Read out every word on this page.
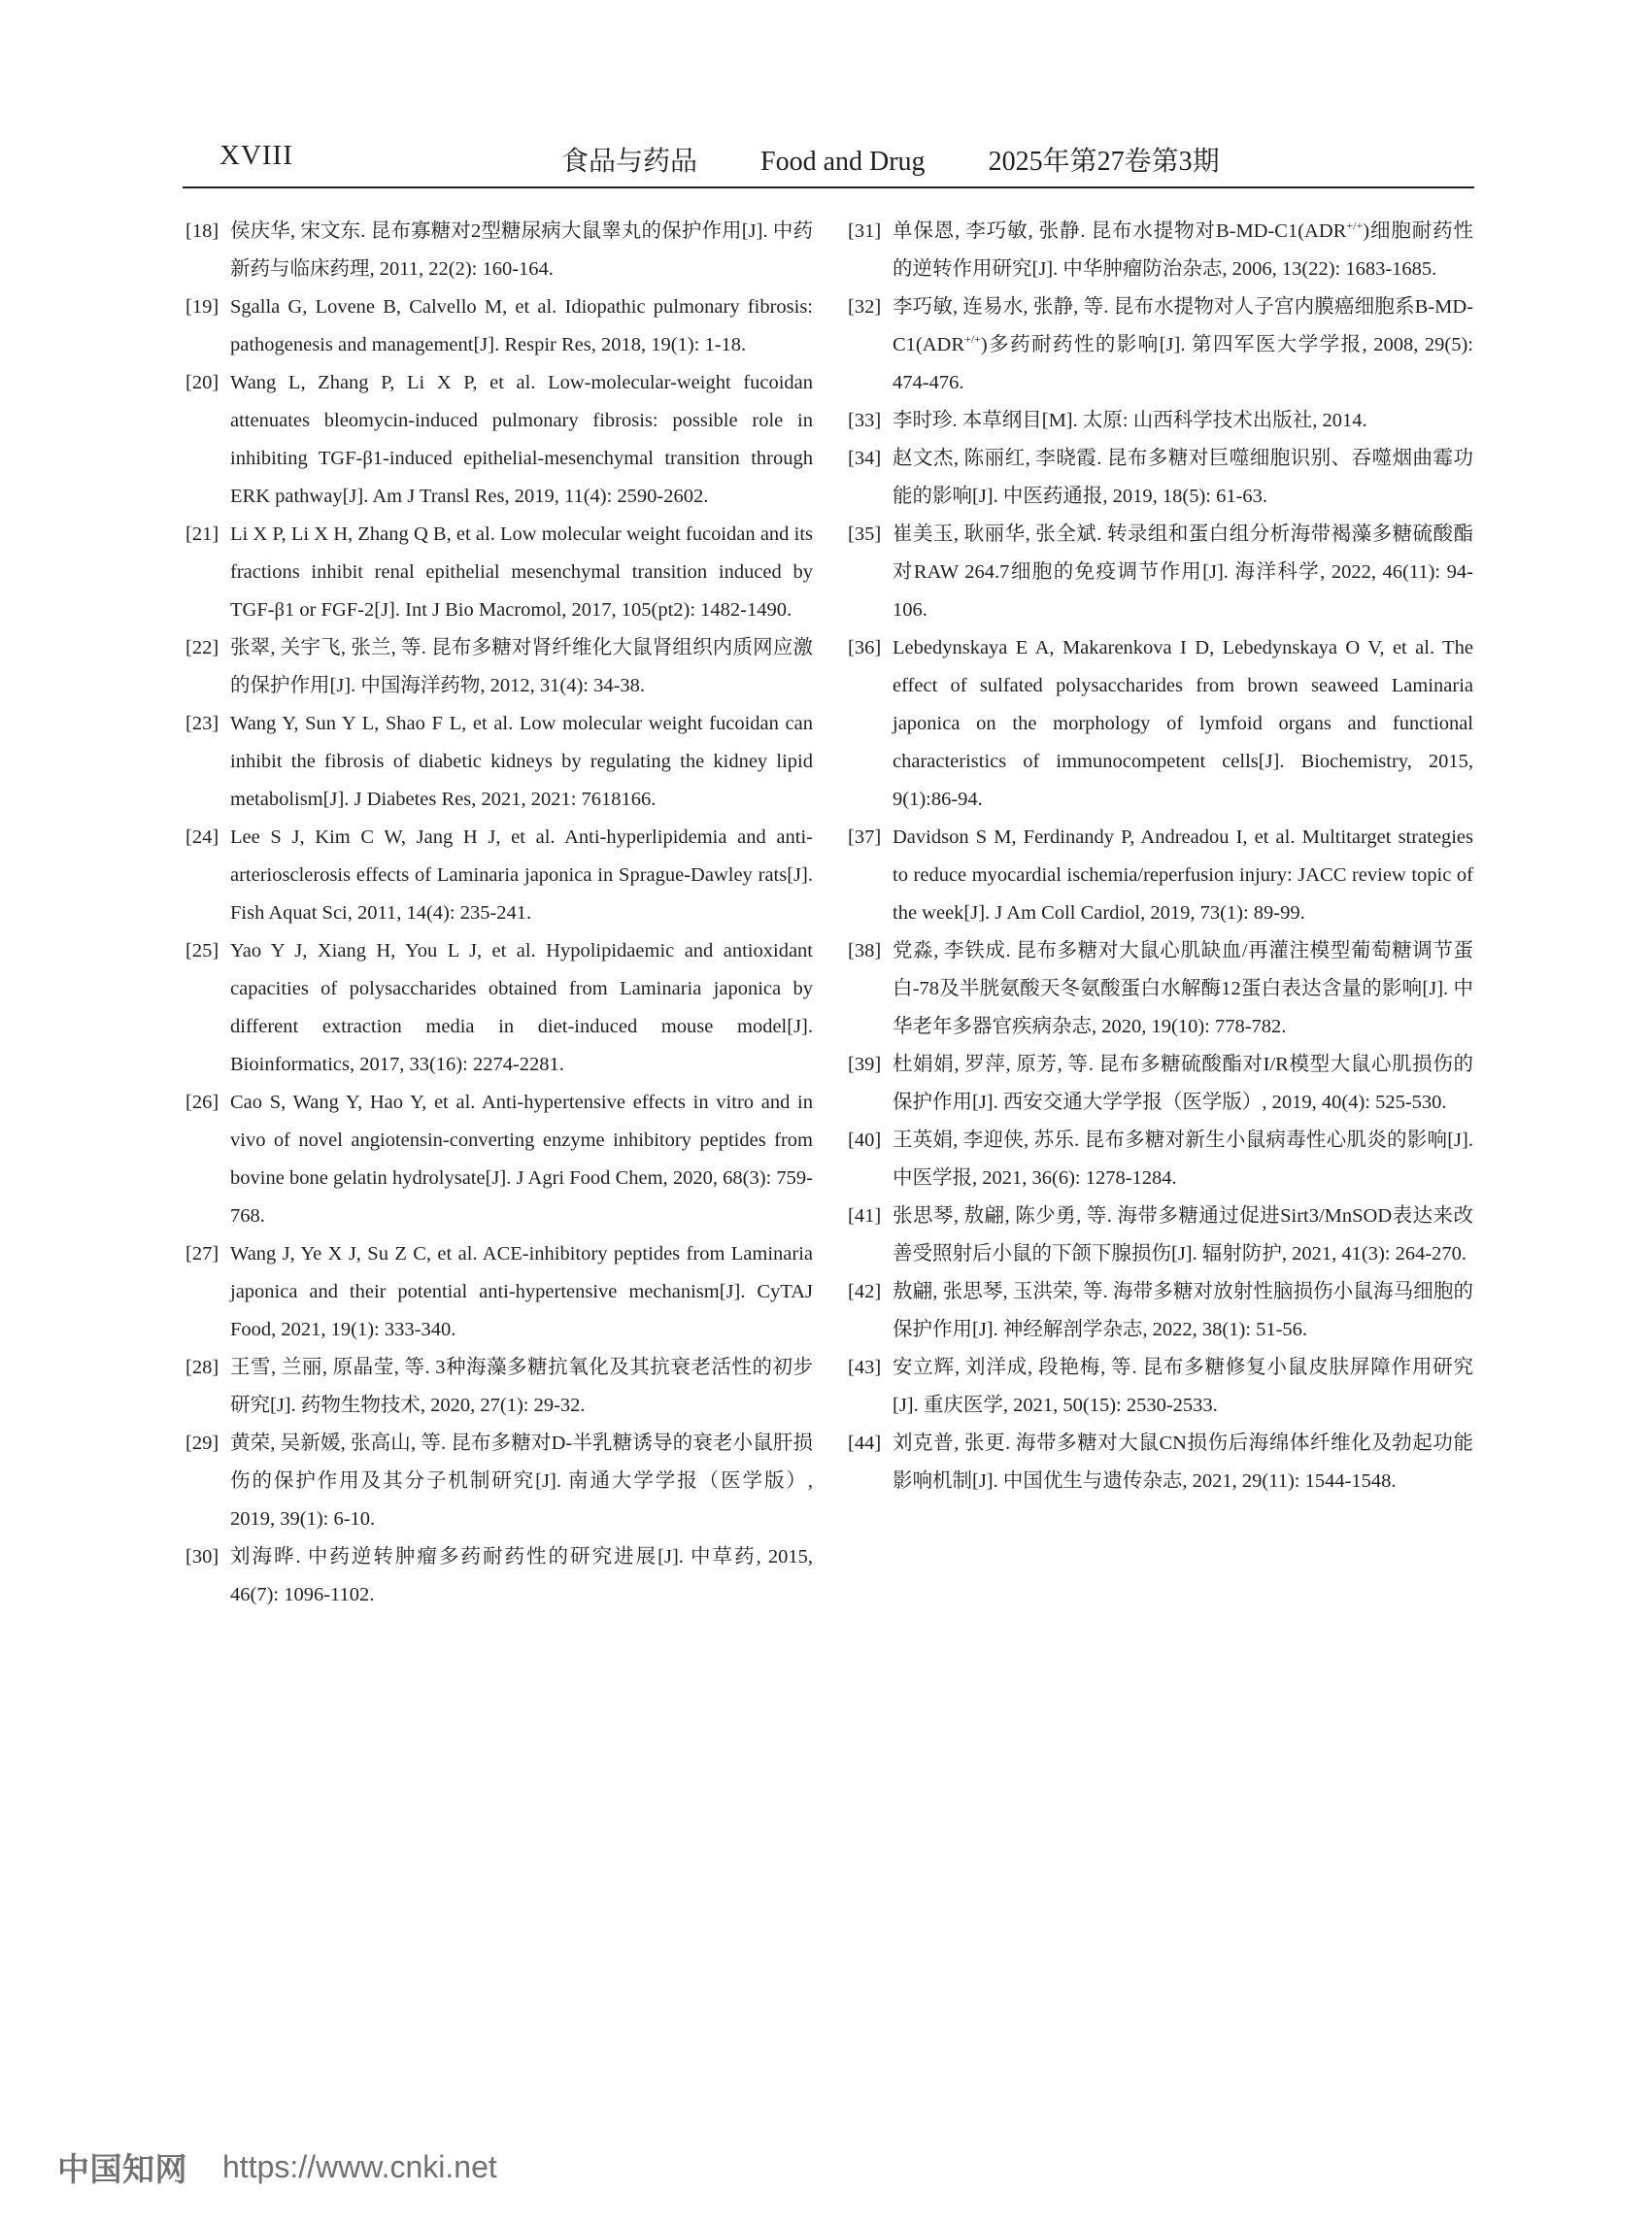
XVIII	食品与药品 Food and Drug 2025年第27卷第3期
[18] 侯庆华, 宋文东. 昆布寡糖对2型糖尿病大鼠睾丸的保护作用[J]. 中药新药与临床药理, 2011, 22(2): 160-164.
[19] Sgalla G, Lovene B, Calvello M, et al. Idiopathic pulmonary fibrosis: pathogenesis and management[J]. Respir Res, 2018, 19(1): 1-18.
[20] Wang L, Zhang P, Li X P, et al. Low-molecular-weight fucoidan attenuates bleomycin-induced pulmonary fibrosis: possible role in inhibiting TGF-β1-induced epithelial-mesenchymal transition through ERK pathway[J]. Am J Transl Res, 2019, 11(4): 2590-2602.
[21] Li X P, Li X H, Zhang Q B, et al. Low molecular weight fucoidan and its fractions inhibit renal epithelial mesenchymal transition induced by TGF-β1 or FGF-2[J]. Int J Bio Macromol, 2017, 105(pt2): 1482-1490.
[22] 张翠, 关宇飞, 张兰, 等. 昆布多糖对肾纤维化大鼠肾组织内质网应激的保护作用[J]. 中国海洋药物, 2012, 31(4): 34-38.
[23] Wang Y, Sun Y L, Shao F L, et al. Low molecular weight fucoidan can inhibit the fibrosis of diabetic kidneys by regulating the kidney lipid metabolism[J]. J Diabetes Res, 2021, 2021: 7618166.
[24] Lee S J, Kim C W, Jang H J, et al. Anti-hyperlipidemia and anti-arteriosclerosis effects of Laminaria japonica in Sprague-Dawley rats[J]. Fish Aquat Sci, 2011, 14(4): 235-241.
[25] Yao Y J, Xiang H, You L J, et al. Hypolipidaemic and antioxidant capacities of polysaccharides obtained from Laminaria japonica by different extraction media in diet-induced mouse model[J]. Bioinformatics, 2017, 33(16): 2274-2281.
[26] Cao S, Wang Y, Hao Y, et al. Anti-hypertensive effects in vitro and in vivo of novel angiotensin-converting enzyme inhibitory peptides from bovine bone gelatin hydrolysate[J]. J Agri Food Chem, 2020, 68(3): 759-768.
[27] Wang J, Ye X J, Su Z C, et al. ACE-inhibitory peptides from Laminaria japonica and their potential anti-hypertensive mechanism[J]. CyTAJ Food, 2021, 19(1): 333-340.
[28] 王雪, 兰丽, 原晶莹, 等. 3种海藻多糖抗氧化及其抗衰老活性的初步研究[J]. 药物生物技术, 2020, 27(1): 29-32.
[29] 黄荣, 吴新媛, 张高山, 等. 昆布多糖对D-半乳糖诱导的衰老小鼠肝损伤的保护作用及其分子机制研究[J]. 南通大学学报（医学版）, 2019, 39(1): 6-10.
[30] 刘海晔. 中药逆转肿瘤多药耐药性的研究进展[J]. 中草药, 2015, 46(7): 1096-1102.
[31] 单保恩, 李巧敏, 张静. 昆布水提物对B-MD-C1(ADR+/+)细胞耐药性的逆转作用研究[J]. 中华肿瘤防治杂志, 2006, 13(22): 1683-1685.
[32] 李巧敏, 连易水, 张静, 等. 昆布水提物对人子宫内膜癌细胞系B-MD-C1(ADR+/+)多药耐药性的影响[J]. 第四军医大学学报, 2008, 29(5): 474-476.
[33] 李时珍. 本草纲目[M]. 太原: 山西科学技术出版社, 2014.
[34] 赵文杰, 陈丽红, 李晓霞. 昆布多糖对巨噬细胞识别、吞噬烟曲霉功能的影响[J]. 中医药通报, 2019, 18(5): 61-63.
[35] 崔美玉, 耿丽华, 张全斌. 转录组和蛋白组分析海带褐藻多糖硫酸酯对RAW 264.7细胞的免疫调节作用[J]. 海洋科学, 2022, 46(11): 94-106.
[36] Lebedynskaya E A, Makarenkova I D, Lebedynskaya O V, et al. The effect of sulfated polysaccharides from brown seaweed Laminaria japonica on the morphology of lymfoid organs and functional characteristics of immunocompetent cells[J]. Biochemistry, 2015, 9(1):86-94.
[37] Davidson S M, Ferdinandy P, Andreadou I, et al. Multitarget strategies to reduce myocardial ischemia/reperfusion injury: JACC review topic of the week[J]. J Am Coll Cardiol, 2019, 73(1): 89-99.
[38] 党淼, 李铁成. 昆布多糖对大鼠心肌缺血/再灌注模型葡萄糖调节蛋白-78及半胱氨酸天冬氨酸蛋白水解酶12蛋白表达含量的影响[J]. 中华老年多器官疾病杂志, 2020, 19(10): 778-782.
[39] 杜娟娟, 罗萍, 原芳, 等. 昆布多糖硫酸酯对I/R模型大鼠心肌损伤的保护作用[J]. 西安交通大学学报（医学版）, 2019, 40(4): 525-530.
[40] 王英娟, 李迎侠, 苏乐. 昆布多糖对新生小鼠病毒性心肌炎的影响[J]. 中医学报, 2021, 36(6): 1278-1284.
[41] 张思琴, 敖翩, 陈少勇, 等. 海带多糖通过促进Sirt3/MnSOD表达来改善受照射后小鼠的下颌下腺损伤[J]. 辐射防护, 2021, 41(3): 264-270.
[42] 敖翩, 张思琴, 玉洪荣, 等. 海带多糖对放射性脑损伤小鼠海马细胞的保护作用[J]. 神经解剖学杂志, 2022, 38(1): 51-56.
[43] 安立辉, 刘洋成, 段艳梅, 等. 昆布多糖修复小鼠皮肤屏障作用研究[J]. 重庆医学, 2021, 50(15): 2530-2533.
[44] 刘克普, 张更. 海带多糖对大鼠CN损伤后海绵体纤维化及勃起功能影响机制[J]. 中国优生与遗传杂志, 2021, 29(11): 1544-1548.
中国知网 https://www.cnki.net
